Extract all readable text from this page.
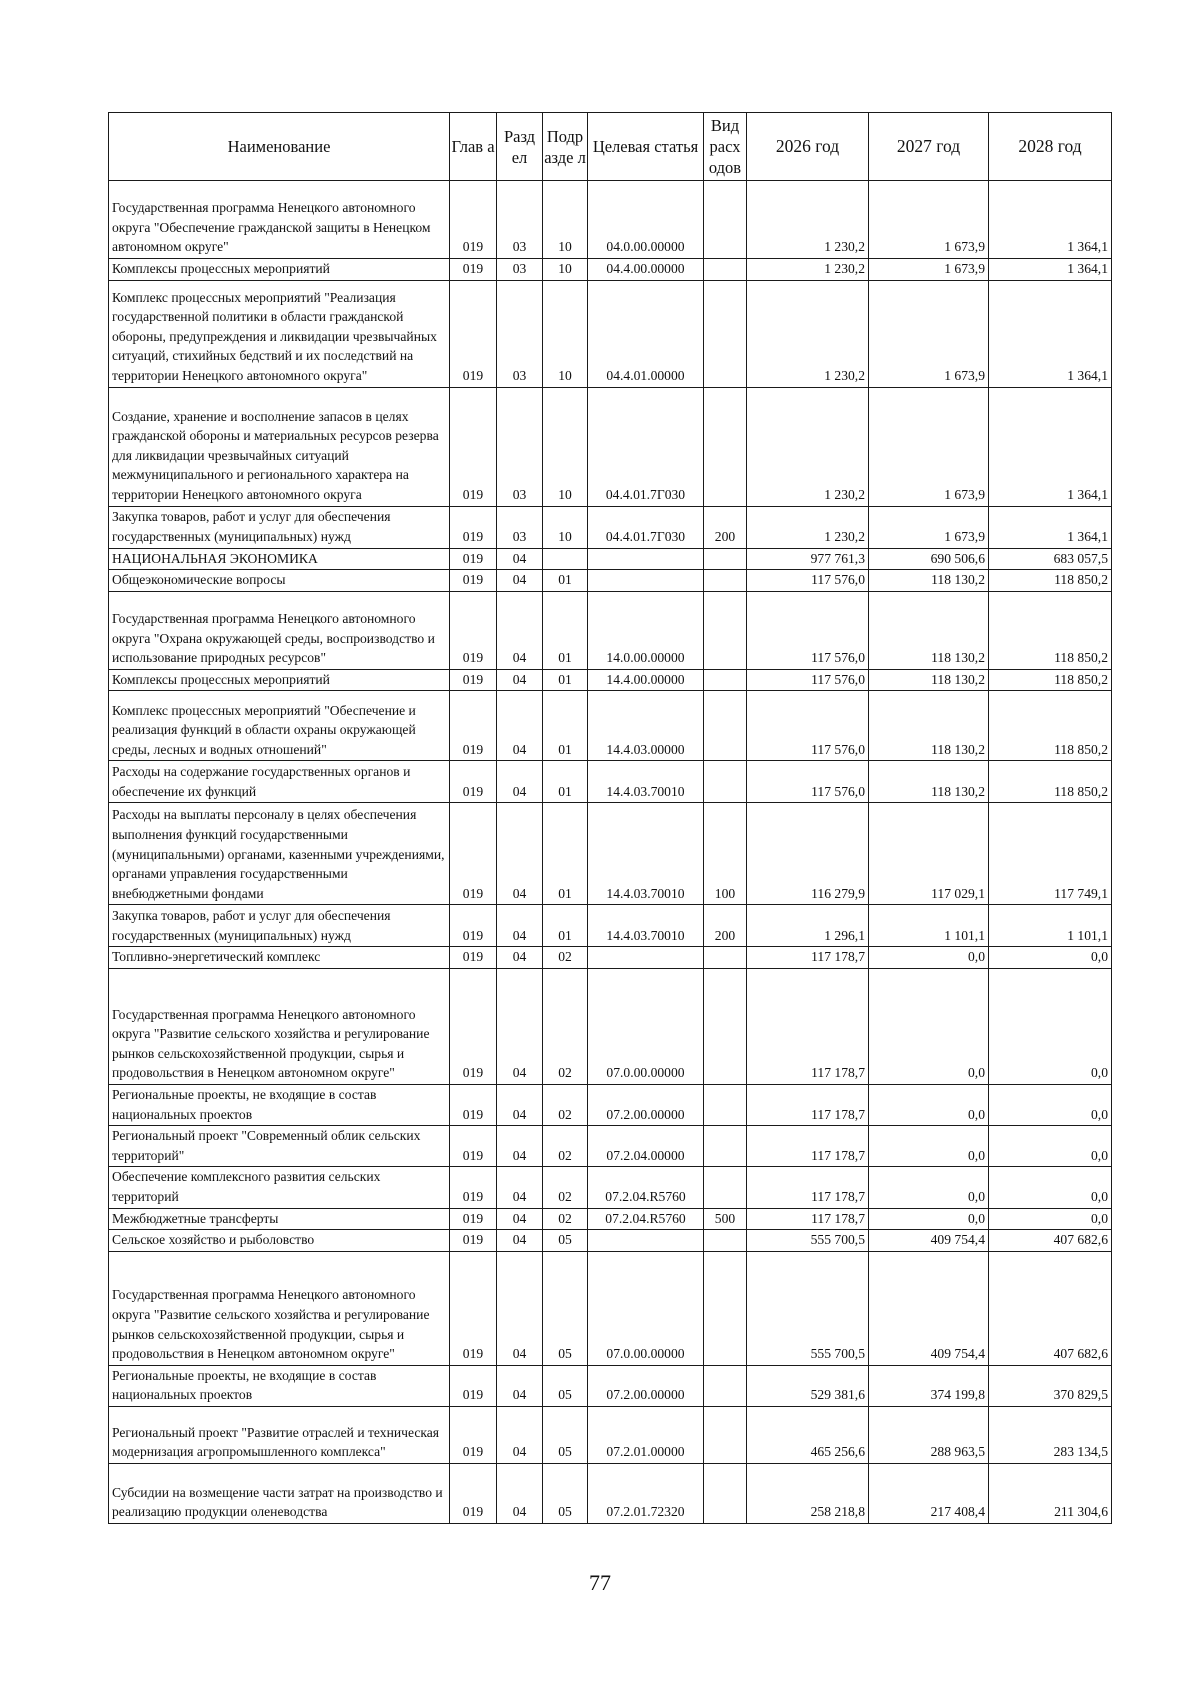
Наименование	Глав а	Разд ел	Подр азде л	Целевая статья	Вид расх одов	2026 год	2027 год	2028 год
Государственная программа Ненецкого автономного округа "Обеспечение гражданской защиты в Ненецком автономном округе"	019	03	10	04.0.00.00000		1 230,2	1 673,9	1 364,1
Комплексы процессных мероприятий	019	03	10	04.4.00.00000		1 230,2	1 673,9	1 364,1
Комплекс процессных мероприятий "Реализация государственной политики в области гражданской обороны, предупреждения и ликвидации чрезвычайных ситуаций, стихийных бедствий и их последствий на территории Ненецкого автономного округа"	019	03	10	04.4.01.00000		1 230,2	1 673,9	1 364,1
Создание, хранение и восполнение запасов в целях гражданской обороны и материальных ресурсов резерва для ликвидации чрезвычайных ситуаций межмуниципального и регионального характера на территории Ненецкого автономного округа	019	03	10	04.4.01.7Г030		1 230,2	1 673,9	1 364,1
Закупка товаров, работ и услуг для обеспечения государственных (муниципальных) нужд	019	03	10	04.4.01.7Г030	200	1 230,2	1 673,9	1 364,1
НАЦИОНАЛЬНАЯ ЭКОНОМИКА	019	04				977 761,3	690 506,6	683 057,5
Общеэкономические вопросы	019	04	01			117 576,0	118 130,2	118 850,2
Государственная программа Ненецкого автономного округа "Охрана окружающей среды, воспроизводство и использование природных ресурсов"	019	04	01	14.0.00.00000		117 576,0	118 130,2	118 850,2
Комплексы процессных мероприятий	019	04	01	14.4.00.00000		117 576,0	118 130,2	118 850,2
Комплекс процессных мероприятий "Обеспечение и реализация функций в области охраны окружающей среды, лесных и водных отношений"	019	04	01	14.4.03.00000		117 576,0	118 130,2	118 850,2
Расходы на содержание государственных органов и обеспечение их функций	019	04	01	14.4.03.70010		117 576,0	118 130,2	118 850,2
Расходы на выплаты персоналу в целях обеспечения выполнения функций государственными (муниципальными) органами, казенными учреждениями, органами управления государственными внебюджетными фондами	019	04	01	14.4.03.70010	100	116 279,9	117 029,1	117 749,1
Закупка товаров, работ и услуг для обеспечения государственных (муниципальных) нужд	019	04	01	14.4.03.70010	200	1 296,1	1 101,1	1 101,1
Топливно-энергетический комплекс	019	04	02			117 178,7	0,0	0,0
Государственная программа Ненецкого автономного округа "Развитие сельского хозяйства и регулирование рынков сельскохозяйственной продукции, сырья и продовольствия в Ненецком автономном округе"	019	04	02	07.0.00.00000		117 178,7	0,0	0,0
Региональные проекты, не входящие в состав национальных проектов	019	04	02	07.2.00.00000		117 178,7	0,0	0,0
Региональный проект "Современный облик сельских территорий"	019	04	02	07.2.04.00000		117 178,7	0,0	0,0
Обеспечение комплексного развития сельских территорий	019	04	02	07.2.04.R5760		117 178,7	0,0	0,0
Межбюджетные трансферты	019	04	02	07.2.04.R5760	500	117 178,7	0,0	0,0
Сельское хозяйство и рыболовство	019	04	05			555 700,5	409 754,4	407 682,6
Государственная программа Ненецкого автономного округа "Развитие сельского хозяйства и регулирование рынков сельскохозяйственной продукции, сырья и продовольствия в Ненецком автономном округе"	019	04	05	07.0.00.00000		555 700,5	409 754,4	407 682,6
Региональные проекты, не входящие в состав национальных проектов	019	04	05	07.2.00.00000		529 381,6	374 199,8	370 829,5
Региональный проект "Развитие отраслей и техническая модернизация агропромышленного комплекса"	019	04	05	07.2.01.00000		465 256,6	288 963,5	283 134,5
Субсидии на возмещение части затрат на производство и реализацию продукции оленеводства	019	04	05	07.2.01.72320		258 218,8	217 408,4	211 304,6
77
